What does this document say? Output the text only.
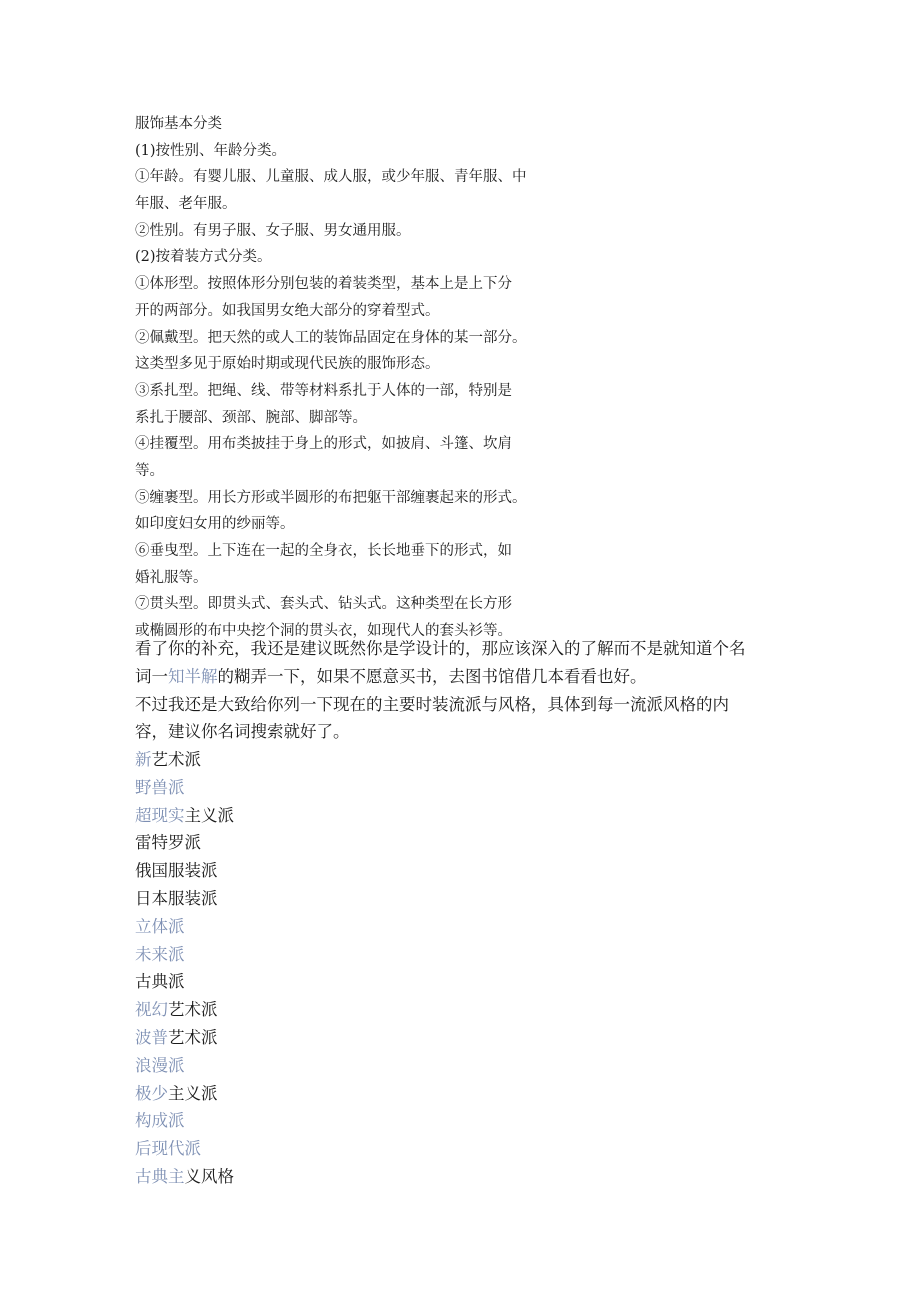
服饰基本分类
(1)按性别、年龄分类。
①年龄。有婴儿服、儿童服、成人服，或少年服、青年服、中
年服、老年服。
②性别。有男子服、女子服、男女通用服。
(2)按着装方式分类。
①体形型。按照体形分别包装的着装类型，基本上是上下分
开的两部分。如我国男女绝大部分的穿着型式。
②佩戴型。把天然的或人工的装饰品固定在身体的某一部分。
这类型多见于原始时期或现代民族的服饰形态。
③系扎型。把绳、线、带等材料系扎于人体的一部，特别是
系扎于腰部、颈部、腕部、脚部等。
④挂覆型。用布类披挂于身上的形式，如披肩、斗篷、坎肩
等。
⑤缠裹型。用长方形或半圆形的布把躯干部缠裹起来的形式。
如印度妇女用的纱丽等。
⑥垂曳型。上下连在一起的全身衣，长长地垂下的形式，如
婚礼服等。
⑦贯头型。即贯头式、套头式、钻头式。这种类型在长方形
或椭圆形的布中央挖个洞的贯头衣，如现代人的套头衫等。
看了你的补充，我还是建议既然你是学设计的，那应该深入的了解而不是就知道个名
词一知半解的糊弄一下，如果不愿意买书，去图书馆借几本看看也好。
不过我还是大致给你列一下现在的主要时装流派与风格，具体到每一流派风格的内
容，建议你名词搜索就好了。
新艺术派
野兽派
超现实主义派
雷特罗派
俄国服装派
日本服装派
立体派
未来派
古典派
视幻艺术派
波普艺术派
浪漫派
极少主义派
构成派
后现代派
古典主义风格
